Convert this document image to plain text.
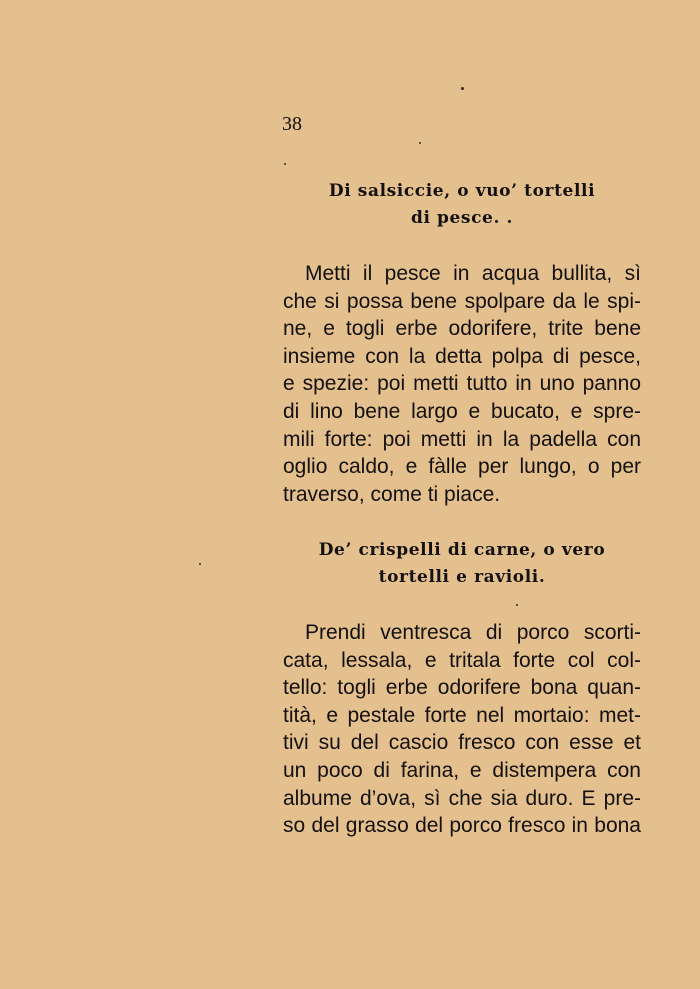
38
Di salsiccie, o vuo’ tortelli
di pesce. .
Metti il pesce in acqua bullita, sì
che si possa bene spolpare da le spi-
ne, e togli erbe odorifere, trite bene
insieme con la detta polpa di pesce,
e spezie: poi metti tutto in uno panno
di lino bene largo e bucato, e spre-
mili forte: poi metti in la padella con
oglio caldo, e fàlle per lungo, o per
traverso, come ti piace.
De’ crispelli di carne, o vero
tortelli e ravioli.
Prendi ventresca di porco scorti-
cata, lessala, e tritala forte col col-
tello: togli erbe odorifere bona quan-
tità, e pestale forte nel mortaio: met-
tivi su del cascio fresco con esse et
un poco di farina, e distempera con
albume d’ova, sì che sia duro. E pre-
so del grasso del porco fresco in bona
